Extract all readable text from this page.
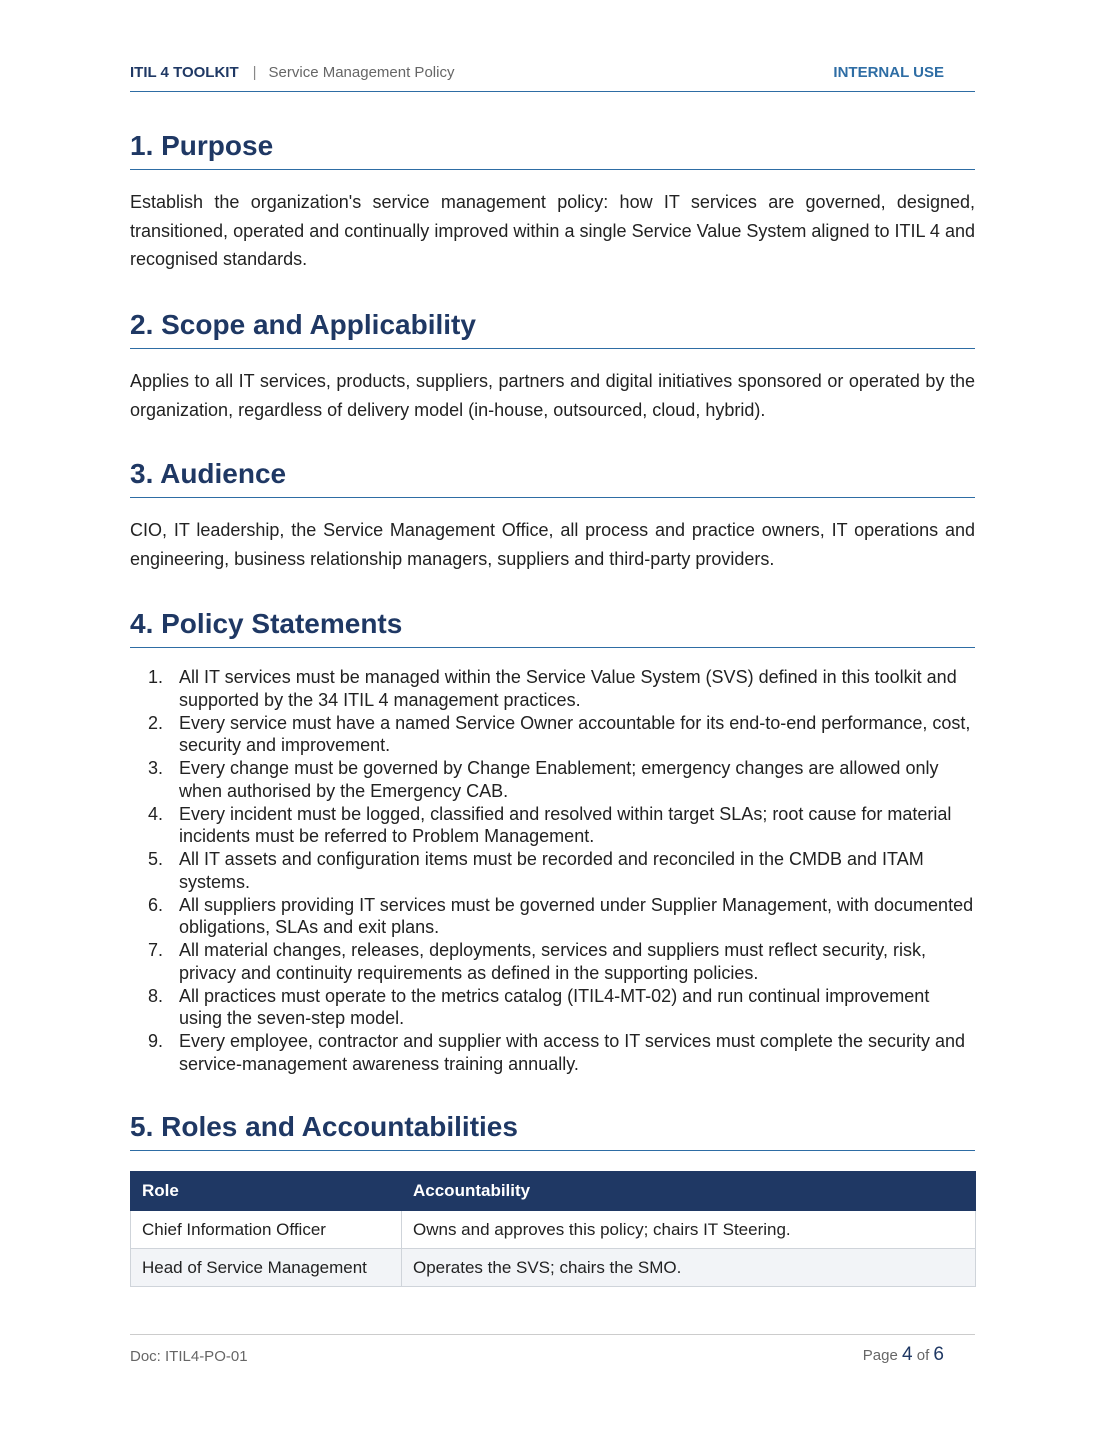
ITIL 4 TOOLKIT | Service Management Policy	INTERNAL USE
1. Purpose

Establish the organization's service management policy: how IT services are governed, designed, transitioned, operated and continually improved within a single Service Value System aligned to ITIL 4 and recognised standards.

2. Scope and Applicability

Applies to all IT services, products, suppliers, partners and digital initiatives sponsored or operated by the organization, regardless of delivery model (in-house, outsourced, cloud, hybrid).

3. Audience

CIO, IT leadership, the Service Management Office, all process and practice owners, IT operations and engineering, business relationship managers, suppliers and third-party providers.

4. Policy Statements
1. All IT services must be managed within the Service Value System (SVS) defined in this toolkit and supported by the 34 ITIL 4 management practices.
2. Every service must have a named Service Owner accountable for its end-to-end performance, cost, security and improvement.
3. Every change must be governed by Change Enablement; emergency changes are allowed only when authorised by the Emergency CAB.
4. Every incident must be logged, classified and resolved within target SLAs; root cause for material incidents must be referred to Problem Management.
5. All IT assets and configuration items must be recorded and reconciled in the CMDB and ITAM systems.
6. All suppliers providing IT services must be governed under Supplier Management, with documented obligations, SLAs and exit plans.
7. All material changes, releases, deployments, services and suppliers must reflect security, risk, privacy and continuity requirements as defined in the supporting policies.
8. All practices must operate to the metrics catalog (ITIL4-MT-02) and run continual improvement using the seven-step model.
9. Every employee, contractor and supplier with access to IT services must complete the security and service-management awareness training annually.
5. Roles and Accountabilities
Role	Accountability
Chief Information Officer	Owns and approves this policy; chairs IT Steering.
Head of Service Management	Operates the SVS; chairs the SMO.
Doc: ITIL4-PO-01	Page 4 of 6
